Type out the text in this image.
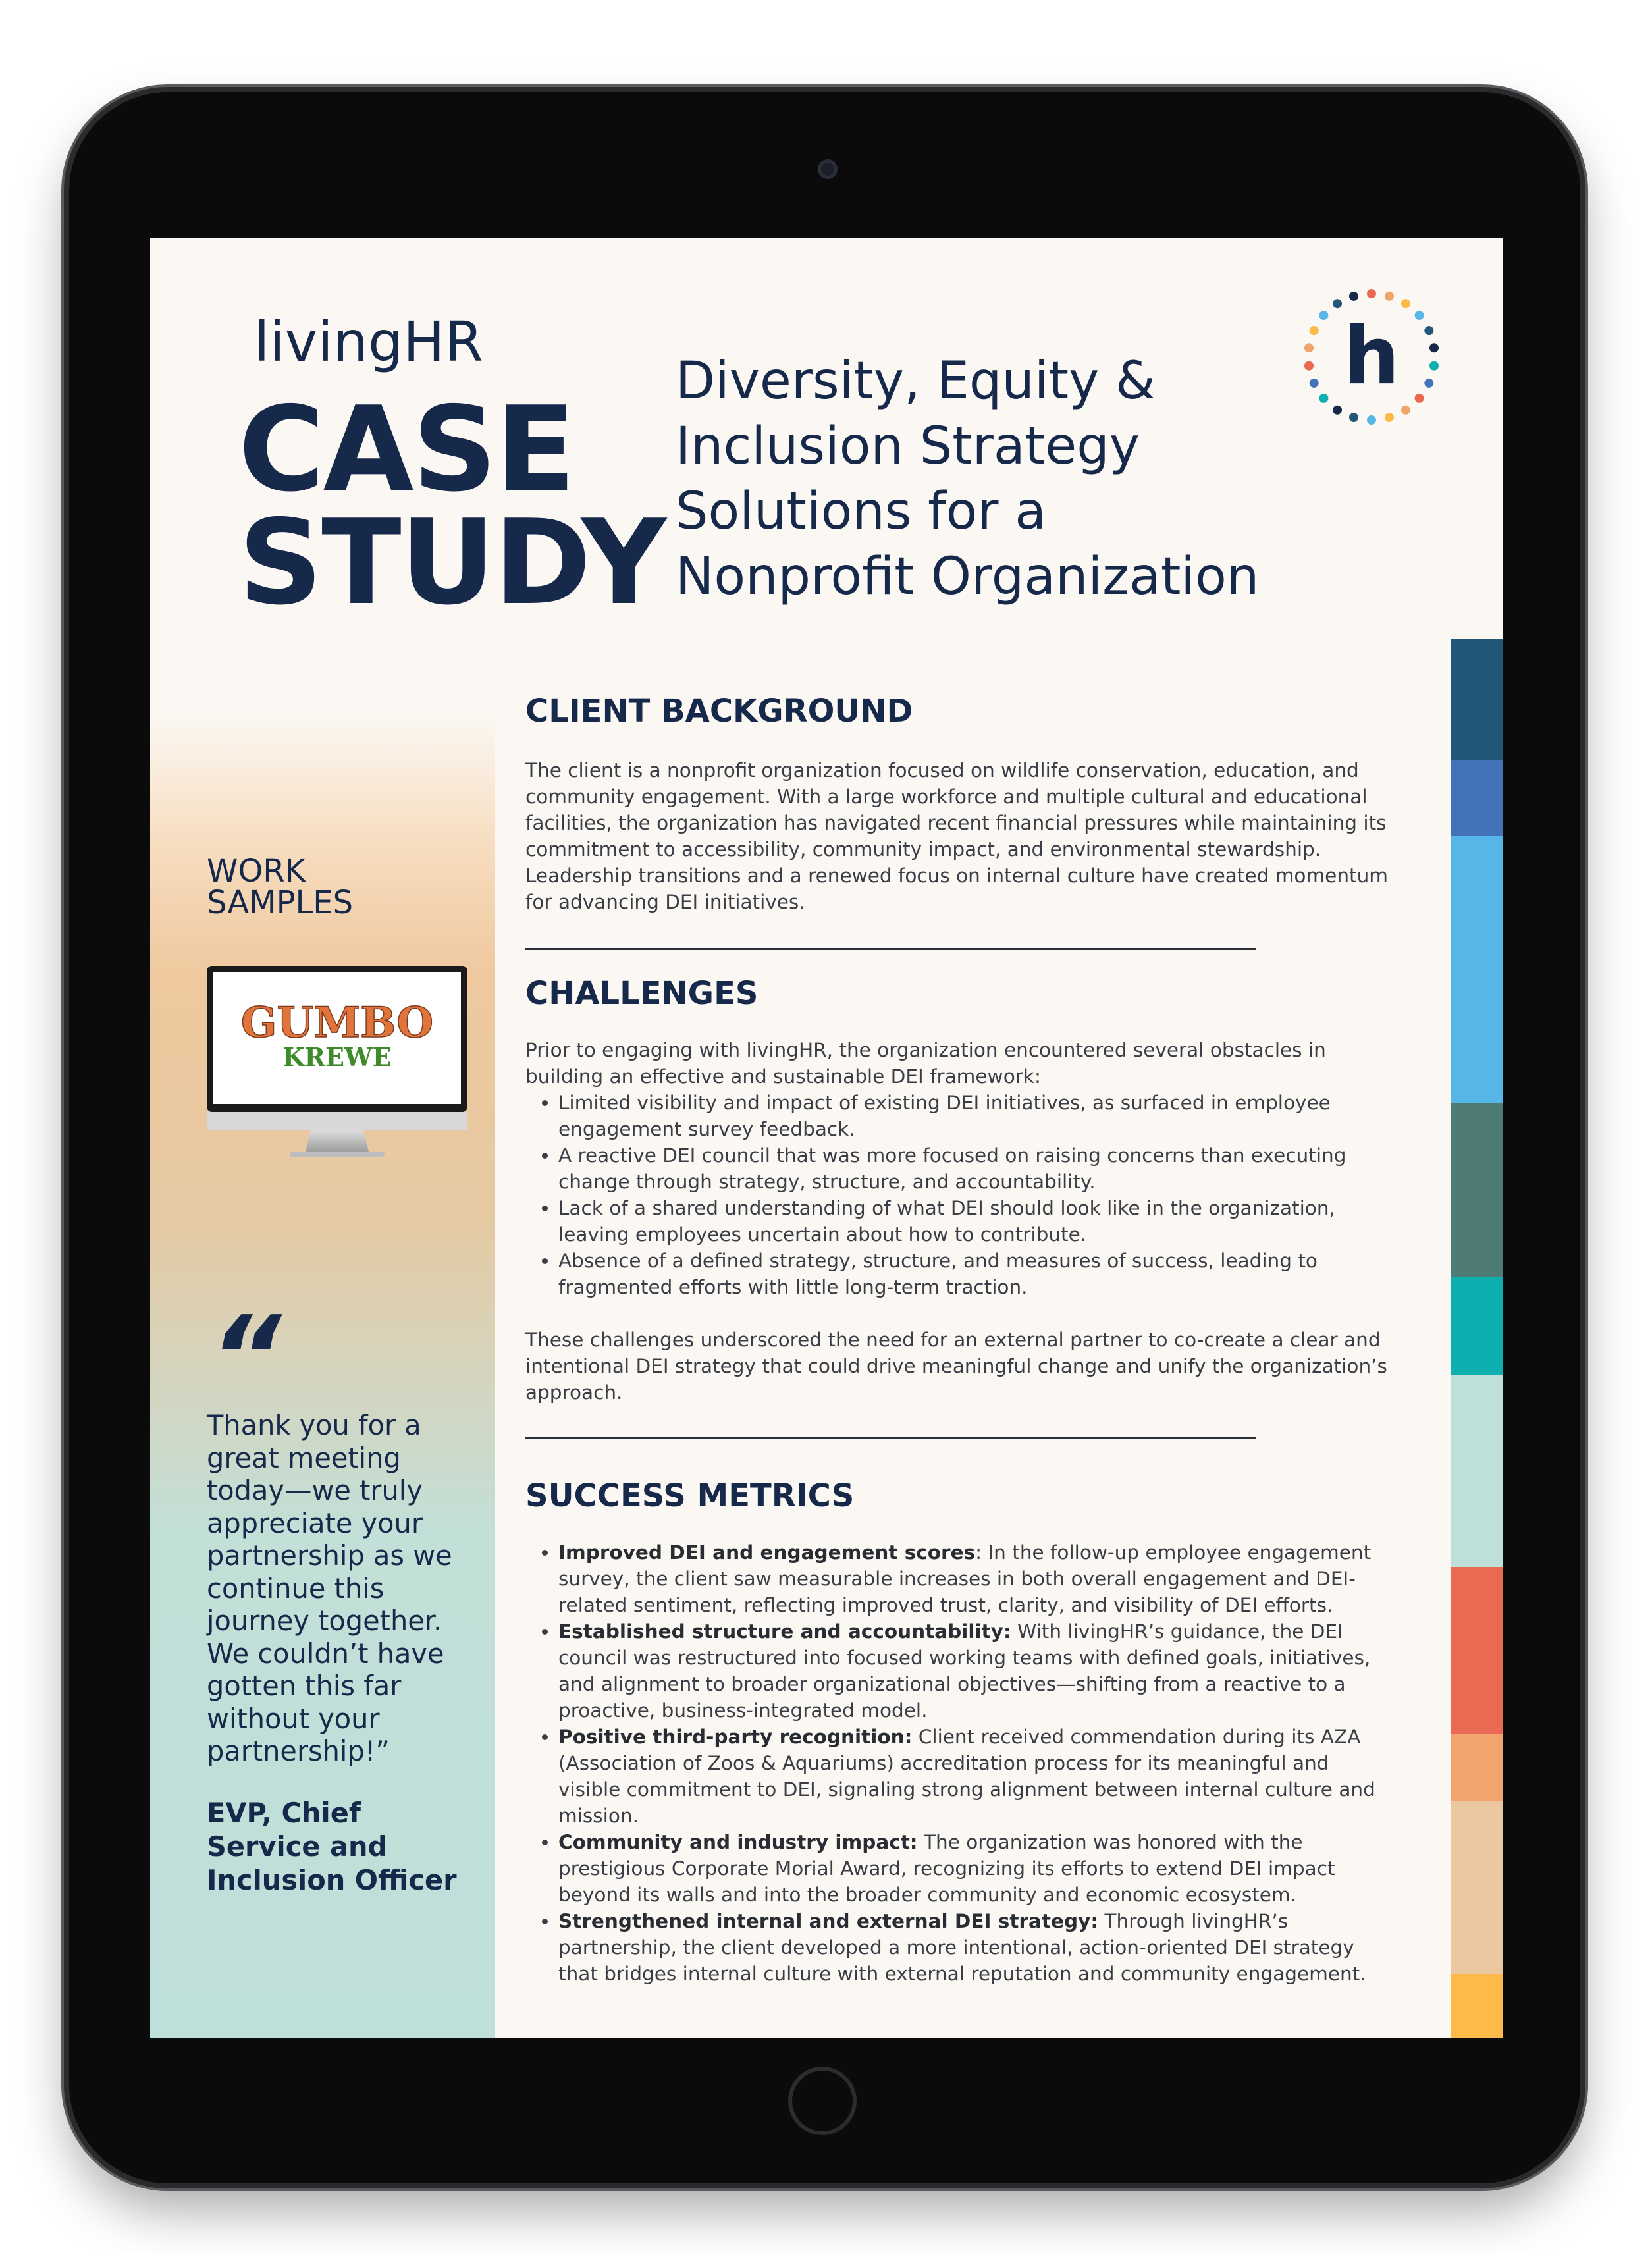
livingHR
CASE
STUDY
Diversity, Equity &
Inclusion Strategy
Solutions for a
Nonprofit Organization
h
WORK
SAMPLES
GUMBO
KREWE
“
Thank you for a great meeting today—we truly appreciate your partnership as we continue this journey together. We couldn’t have gotten this far without your partnership!”
EVP, Chief Service and Inclusion Officer
CLIENT BACKGROUND

The client is a nonprofit organization focused on wildlife conservation, education, and community engagement. With a large workforce and multiple cultural and educational facilities, the organization has navigated recent financial pressures while maintaining its commitment to accessibility, community impact, and environmental stewardship. Leadership transitions and a renewed focus on internal culture have created momentum for advancing DEI initiatives.

CHALLENGES

Prior to engaging with livingHR, the organization encountered several obstacles in building an effective and sustainable DEI framework:

• Limited visibility and impact of existing DEI initiatives, as surfaced in employee engagement survey feedback.
• A reactive DEI council that was more focused on raising concerns than executing change through strategy, structure, and accountability.
• Lack of a shared understanding of what DEI should look like in the organization, leaving employees uncertain about how to contribute.
• Absence of a defined strategy, structure, and measures of success, leading to fragmented efforts with little long-term traction.

These challenges underscored the need for an external partner to co-create a clear and intentional DEI strategy that could drive meaningful change and unify the organization’s approach.

SUCCESS METRICS
• Improved DEI and engagement scores: In the follow-up employee engagement survey, the client saw measurable increases in both overall engagement and DEI-related sentiment, reflecting improved trust, clarity, and visibility of DEI efforts.
• Established structure and accountability: With livingHR’s guidance, the DEI council was restructured into focused working teams with defined goals, initiatives, and alignment to broader organizational objectives—shifting from a reactive to a proactive, business-integrated model.
• Positive third-party recognition: Client received commendation during its AZA (Association of Zoos & Aquariums) accreditation process for its meaningful and visible commitment to DEI, signaling strong alignment between internal culture and mission.
• Community and industry impact: The organization was honored with the prestigious Corporate Morial Award, recognizing its efforts to extend DEI impact beyond its walls and into the broader community and economic ecosystem.
• Strengthened internal and external DEI strategy: Through livingHR’s partnership, the client developed a more intentional, action-oriented DEI strategy that bridges internal culture with external reputation and community engagement.
